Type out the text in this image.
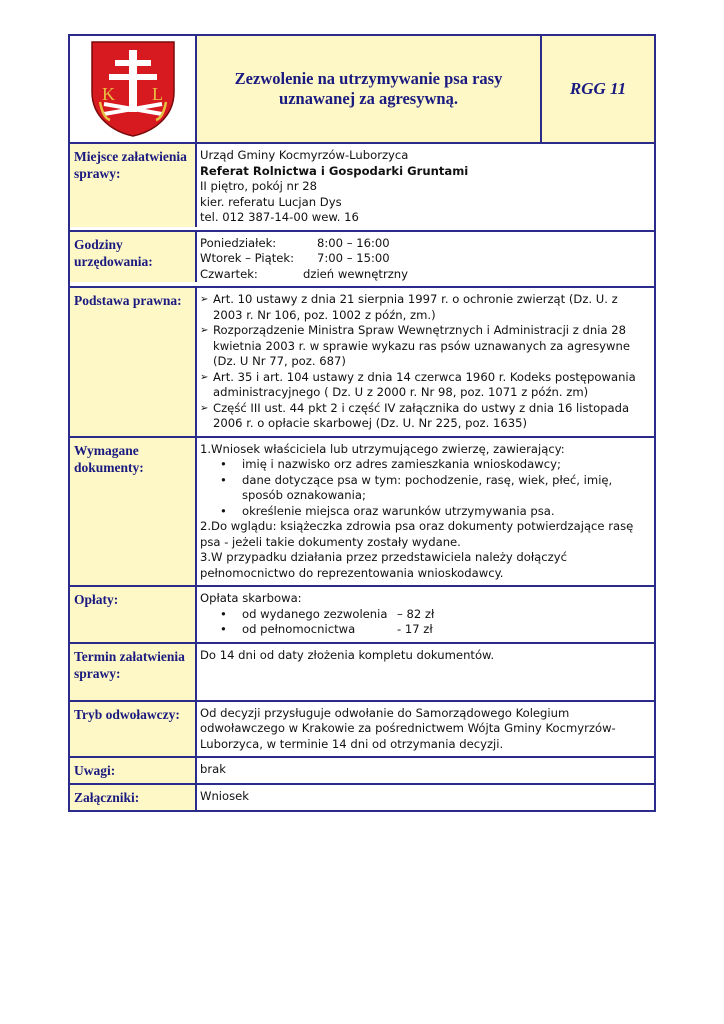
K L
Zezwolenie na utrzymywanie psa rasy uznawanej za agresywną.
RGG 11
Miejsce załatwienia sprawy:
Urząd Gminy Kocmyrzów-Luborzyca
Referat Rolnictwa i Gospodarki Gruntami
II piętro, pokój nr 28
kier. referatu Lucjan Dys
tel. 012 387-14-00 wew. 16
Godziny urzędowania:
Poniedziałek:	8:00 – 16:00
Wtorek – Piątek:	7:00 – 15:00
Czwartek:	dzień wewnętrzny
Podstawa prawna:
➢	Art. 10 ustawy z dnia 21 sierpnia 1997 r. o ochronie zwierząt (Dz. U. z 2003 r. Nr 106, poz. 1002 z późn, zm.)
➢ Rozporządzenie Ministra Spraw Wewnętrznych i Administracji z dnia 28 kwietnia 2003 r. w sprawie wykazu ras psów uznawanych za agresywne (Dz. U Nr 77, poz. 687)
➢ Art. 35 i art. 104 ustawy z dnia 14 czerwca 1960 r. Kodeks postępowania administracyjnego ( Dz. U z 2000 r. Nr 98, poz. 1071 z późn. zm)
➢ Część III ust. 44 pkt 2 i część IV załącznika do ustwy z dnia 16 listopada 2006 r. o opłacie skarbowej (Dz. U. Nr 225, poz. 1635)
Wymagane dokumenty:
1.Wniosek właściciela lub utrzymującego zwierzę, zawierający:
• imię i nazwisko orz adres zamieszkania wnioskodawcy;
• dane dotyczące psa w tym: pochodzenie, rasę, wiek, płeć, imię, sposób oznakowania;
• określenie miejsca oraz warunków utrzymywania psa.
2.Do wglądu: książeczka zdrowia psa oraz dokumenty potwierdzające rasę psa - jeżeli takie dokumenty zostały wydane.
3.W przypadku działania przez przedstawiciela należy dołączyć pełnomocnictwo do reprezentowania wnioskodawcy.
Opłaty:	Opłata skarbowa:
• od wydanego zezwolenia – 82 zł
• od pełnomocnictwa	- 17 zł
Termin załatwienia sprawy:
Do 14 dni od daty złożenia kompletu dokumentów.
Tryb odwoławczy:	Od decyzji przysługuje odwołanie do Samorządowego Kolegium odwoławczego w Krakowie za pośrednictwem Wójta Gminy Kocmyrzów-Luborzyca, w terminie 14 dni od otrzymania decyzji.
Uwagi:	brak
Załączniki:	Wniosek
